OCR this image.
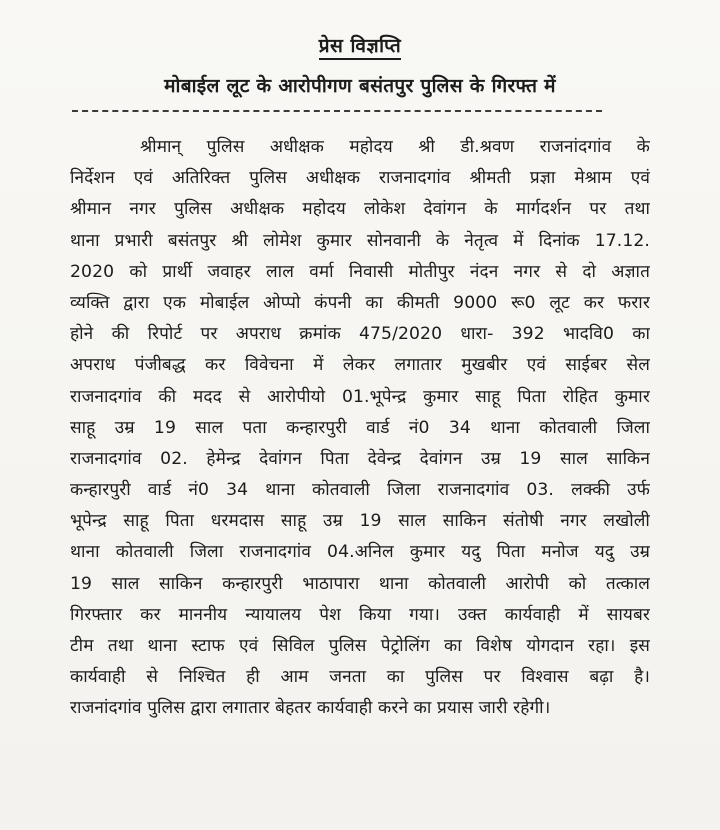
प्रेस विज्ञप्ति
मोबाईल लूट के आरोपीगण बसंतपुर पुलिस के गिरफ्त में
श्रीमान् पुलिस अधीक्षक महोदय श्री डी.श्रवण राजनांदगांव के
निर्देशन एवं अतिरिक्त पुलिस अधीक्षक राजनादगांव श्रीमती प्रज्ञा मेश्राम एवं
श्रीमान नगर पुलिस अधीक्षक महोदय लोकेश देवांगन के मार्गदर्शन पर तथा
थाना प्रभारी बसंतपुर श्री लोमेश कुमार सोनवानी के नेतृत्व में दिनांक 17.12.
2020 को प्रार्थी जवाहर लाल वर्मा निवासी मोतीपुर नंदन नगर से दो अज्ञात
व्यक्ति द्वारा एक मोबाईल ओप्पो कंपनी का कीमती 9000 रू0 लूट कर फरार
होने की रिपोर्ट पर अपराध क्रमांक 475/2020 धारा- 392 भादवि0 का
अपराध पंजीबद्ध कर विवेचना में लेकर लगातार मुखबीर एवं साईबर सेल
राजनादगांव की मदद से आरोपीयो 01.भूपेन्द्र कुमार साहू पिता रोहित कुमार
साहू उम्र 19 साल पता कन्हारपुरी वार्ड नं0 34 थाना कोतवाली जिला
राजनादगांव 02. हेमेन्द्र देवांगन पिता देवेन्द्र देवांगन उम्र 19 साल साकिन
कन्हारपुरी वार्ड नं0 34 थाना कोतवाली जिला राजनादगांव 03. लक्की उर्फ
भूपेन्द्र साहू पिता धरमदास साहू उम्र 19 साल साकिन संतोषी नगर लखोली
थाना कोतवाली जिला राजनादगांव 04.अनिल कुमार यदु पिता मनोज यदु उम्र
19 साल साकिन कन्हारपुरी भाठापारा थाना कोतवाली आरोपी को तत्काल
गिरफ्तार कर माननीय न्यायालय पेश किया गया। उक्त कार्यवाही में सायबर
टीम तथा थाना स्टाफ एवं सिविल पुलिस पेट्रोलिंग का विशेष योगदान रहा। इस
कार्यवाही से निश्चित ही आम जनता का पुलिस पर विश्वास बढ़ा है।
राजनांदगांव पुलिस द्वारा लगातार बेहतर कार्यवाही करने का प्रयास जारी रहेगी।
